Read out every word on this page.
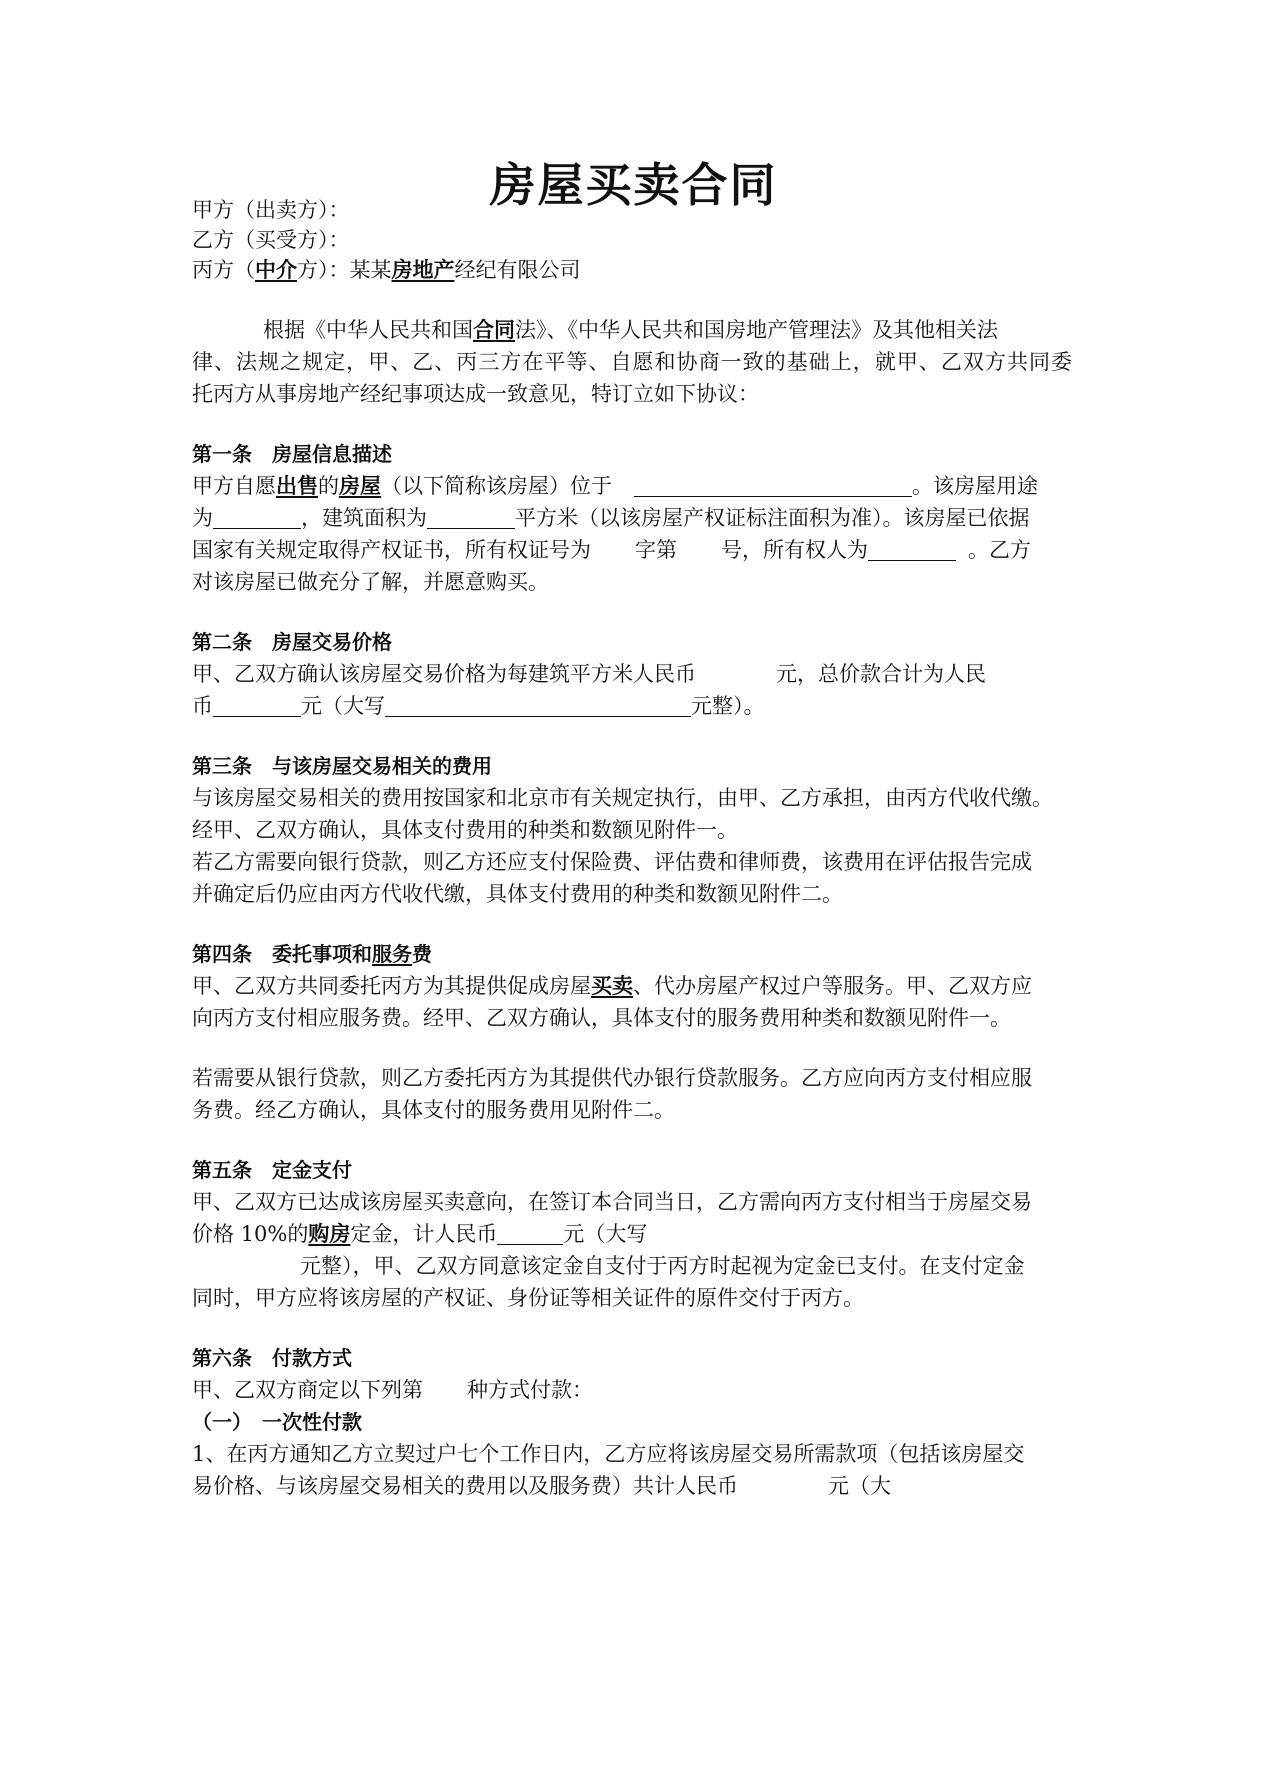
房屋买卖合同
甲方（出卖方）：
乙方（买受方）：
丙方（中介方）：某某房地产经纪有限公司
根据《中华人民共和国合同法》、《中华人民共和国房地产管理法》及其他相关法
律、法规之规定，甲、乙、丙三方在平等、自愿和协商一致的基础上，就甲、乙双方共同委
托丙方从事房地产经纪事项达成一致意见，特订立如下协议：
第一条　房屋信息描述
甲方自愿出售的房屋（以下简称该房屋）位于	。该房屋用途
为	，建筑面积为	平方米（以该房屋产权证标注面积为准）。该房屋已依据
国家有关规定取得产权证书，所有权证号为 字第 号，所有权人为	。乙方
对该房屋已做充分了解，并愿意购买。
第二条　房屋交易价格
甲、乙双方确认该房屋交易价格为每建筑平方米人民币	元，总价款合计为人民
币	元（大写	元整）。
第三条　与该房屋交易相关的费用
与该房屋交易相关的费用按国家和北京市有关规定执行，由甲、乙方承担，由丙方代收代缴。
经甲、乙双方确认，具体支付费用的种类和数额见附件一。
若乙方需要向银行贷款，则乙方还应支付保险费、评估费和律师费，该费用在评估报告完成
并确定后仍应由丙方代收代缴，具体支付费用的种类和数额见附件二。
第四条　委托事项和服务费
甲、乙双方共同委托丙方为其提供促成房屋买卖、代办房屋产权过户等服务。甲、乙双方应
向丙方支付相应服务费。经甲、乙双方确认，具体支付的服务费用种类和数额见附件一。
若需要从银行贷款，则乙方委托丙方为其提供代办银行贷款服务。乙方应向丙方支付相应服
务费。经乙方确认，具体支付的服务费用见附件二。
第五条　定金支付
甲、乙双方已达成该房屋买卖意向，在签订本合同当日，乙方需向丙方支付相当于房屋交易
价格 10%的购房定金，计人民币	元（大写
元整），甲、乙双方同意该定金自支付于丙方时起视为定金已支付。在支付定金
同时，甲方应将该房屋的产权证、身份证等相关证件的原件交付于丙方。
第六条　付款方式
甲、乙双方商定以下列第 种方式付款：
（一）　一次性付款
1、在丙方通知乙方立契过户七个工作日内，乙方应将该房屋交易所需款项（包括该房屋交
易价格、与该房屋交易相关的费用以及服务费）共计人民币	元（大
